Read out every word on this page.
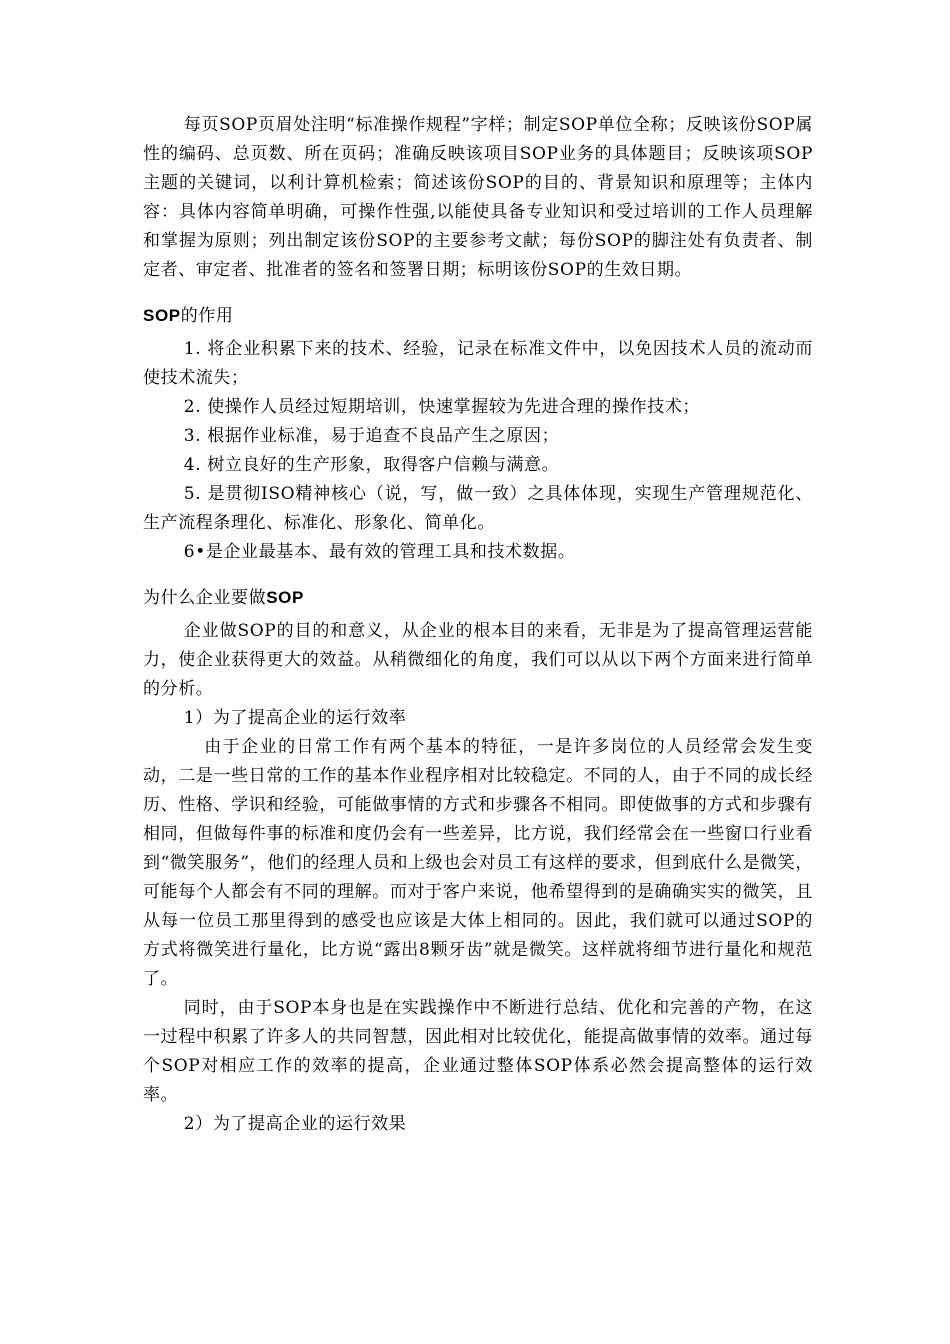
每页SOP页眉处注明“标准操作规程”字样；制定SOP单位全称；反映该份SOP属性的编码、总页数、所在页码；准确反映该项目SOP业务的具体题目；反映该项SOP主题的关键词，以利计算机检索；简述该份SOP的目的、背景知识和原理等；主体内容：具体内容简单明确，可操作性强,以能使具备专业知识和受过培训的工作人员理解和掌握为原则；列出制定该份SOP的主要参考文献；每份SOP的脚注处有负责者、制定者、审定者、批准者的签名和签署日期；标明该份SOP的生效日期。

SOP的作用

1. 将企业积累下来的技术、经验，记录在标准文件中，以免因技术人员的流动而使技术流失；

2. 使操作人员经过短期培训，快速掌握较为先进合理的操作技术；

3. 根据作业标准，易于追查不良品产生之原因；

4. 树立良好的生产形象，取得客户信赖与满意。

5. 是贯彻ISO精神核心（说，写，做一致）之具体体现，实现生产管理规范化、生产流程条理化、标准化、形象化、简单化。

6•是企业最基本、最有效的管理工具和技术数据。

为什么企业要做SOP

企业做SOP的目的和意义，从企业的根本目的来看，无非是为了提高管理运营能力，使企业获得更大的效益。从稍微细化的角度，我们可以从以下两个方面来进行简单的分析。

1）为了提高企业的运行效率

由于企业的日常工作有两个基本的特征，一是许多岗位的人员经常会发生变动，二是一些日常的工作的基本作业程序相对比较稳定。不同的人，由于不同的成长经历、性格、学识和经验，可能做事情的方式和步骤各不相同。即使做事的方式和步骤有相同，但做每件事的标准和度仍会有一些差异，比方说，我们经常会在一些窗口行业看到“微笑服务”，他们的经理人员和上级也会对员工有这样的要求，但到底什么是微笑，可能每个人都会有不同的理解。而对于客户来说，他希望得到的是确确实实的微笑，且从每一位员工那里得到的感受也应该是大体上相同的。因此，我们就可以通过SOP的方式将微笑进行量化，比方说“露出8颗牙齿”就是微笑。这样就将细节进行量化和规范了。

同时，由于SOP本身也是在实践操作中不断进行总结、优化和完善的产物，在这一过程中积累了许多人的共同智慧，因此相对比较优化，能提高做事情的效率。通过每个SOP对相应工作的效率的提高，企业通过整体SOP体系必然会提高整体的运行效率。

2）为了提高企业的运行效果
